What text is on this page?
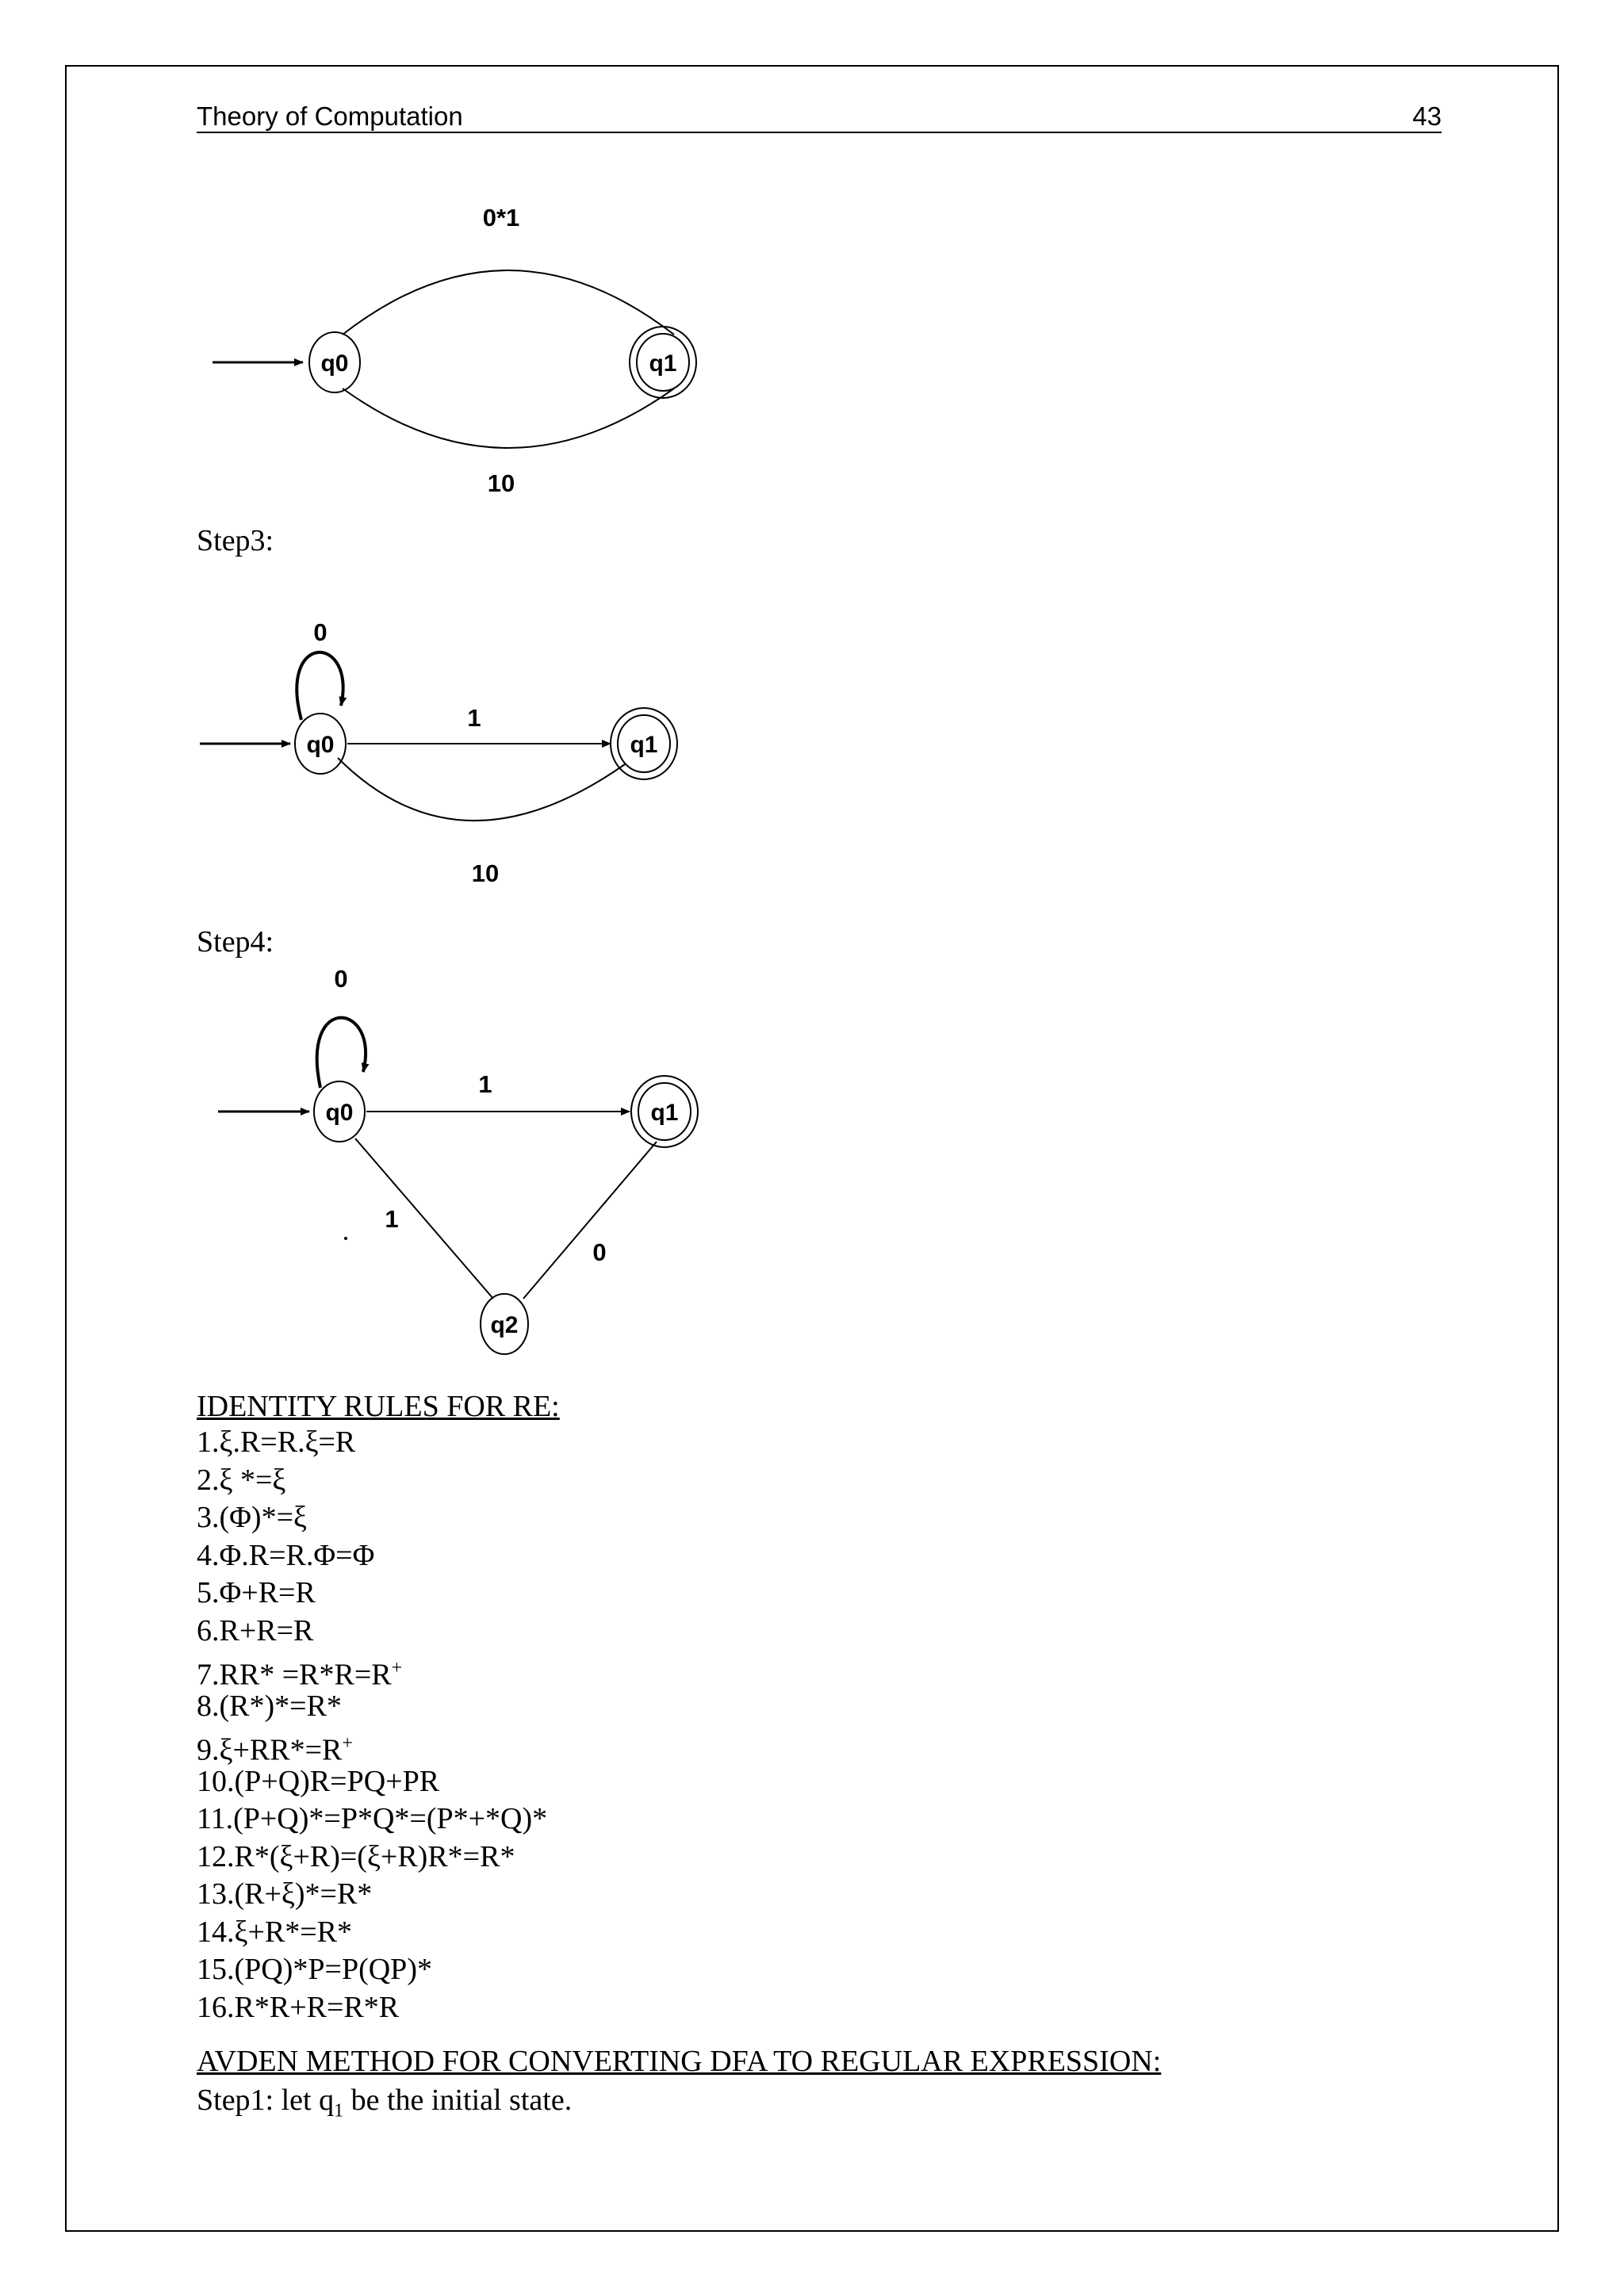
Theory of Computation	43
q0	q1
0*1
10
q0	q1
0
1
10
q0	q1
q2
0
1
1
0
Step3:
Step4:
IDENTITY RULES FOR RE:
1.ξ.R=R.ξ=R
2.ξ *=ξ
3.(Φ)*=ξ
4.Φ.R=R.Φ=Φ
5.Φ+R=R
6.R+R=R
7.RR* =R*R=R+
8.(R*)*=R*
9.ξ+RR*=R+
10.(P+Q)R=PQ+PR
11.(P+Q)*=P*Q*=(P*+*Q)*
12.R*(ξ+R)=(ξ+R)R*=R*
13.(R+ξ)*=R*
14.ξ+R*=R*
15.(PQ)*P=P(QP)*
16.R*R+R=R*R
AVDEN METHOD FOR CONVERTING DFA TO REGULAR EXPRESSION:
Step1: let $q_1$ be the initial state.
